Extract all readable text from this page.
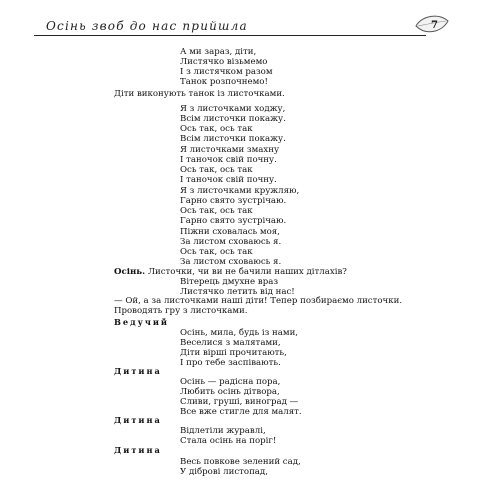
Осінь звоб до нас прийшла	7
А ми зараз, діти,
Листячко візьмемо
І з листячком разом
Танок розпочнемо!
Діти виконують танок із листочками.
Я з листочками ходжу,
Всім листочки покажу.
Ось так, ось так
Всім листочки покажу.
Я листочками змахну
І таночок свій почну.
Ось так, ось так
І таночок свій почну.
Я з листочками кружляю,
Гарно свято зустрічаю.
Ось так, ось так
Гарно свято зустрічаю.
Піжни сховалась моя,
За листом сховаюсь я.
Ось так, ось так
За листом сховаюсь я.
Осінь. Листочки, чи ви не бачили наших дітлахів?
Вітерець дмухне враз
Листячко летить від нас!
— Ой, а за листочками наші діти! Тепер позбираємо листочки.
Проводять гру з листочками.
Ведучий
Осінь, мила, будь із нами,
Веселися з малятами,
Діти вірші прочитають,
І про тебе заспівають.
Дитина
Осінь — радісна пора,
Любить осінь дітвора,
Сливи, груші, виноград —
Все вже стигле для малят.
Дитина
Відлетіли журавлі,
Стала осінь на поріг!
Дитина
Весь повкове зелений сад,
У діброві листопад,
